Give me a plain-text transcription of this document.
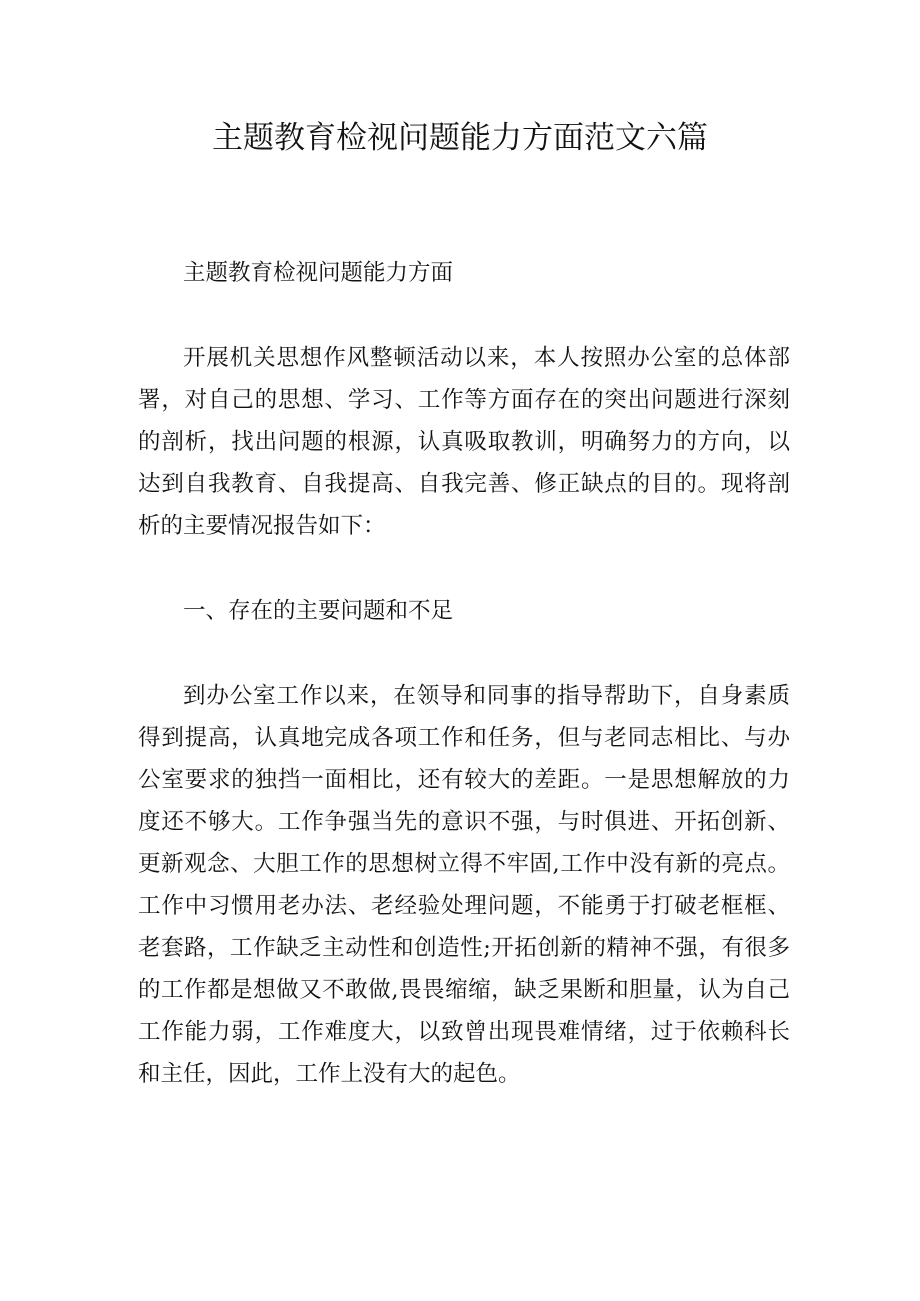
主题教育检视问题能力方面范文六篇

主题教育检视问题能力方面

开展机关思想作风整顿活动以来，本人按照办公室的总体部署，对自己的思想、学习、工作等方面存在的突出问题进行深刻的剖析，找出问题的根源，认真吸取教训，明确努力的方向，以达到自我教育、自我提高、自我完善、修正缺点的目的。现将剖析的主要情况报告如下：

一、存在的主要问题和不足

到办公室工作以来，在领导和同事的指导帮助下，自身素质得到提高，认真地完成各项工作和任务，但与老同志相比、与办公室要求的独挡一面相比，还有较大的差距。一是思想解放的力度还不够大。工作争强当先的意识不强，与时俱进、开拓创新、更新观念、大胆工作的思想树立得不牢固,工作中没有新的亮点。工作中习惯用老办法、老经验处理问题，不能勇于打破老框框、老套路，工作缺乏主动性和创造性;开拓创新的精神不强，有很多的工作都是想做又不敢做,畏畏缩缩，缺乏果断和胆量，认为自己工作能力弱，工作难度大，以致曾出现畏难情绪，过于依赖科长和主任，因此，工作上没有大的起色。
